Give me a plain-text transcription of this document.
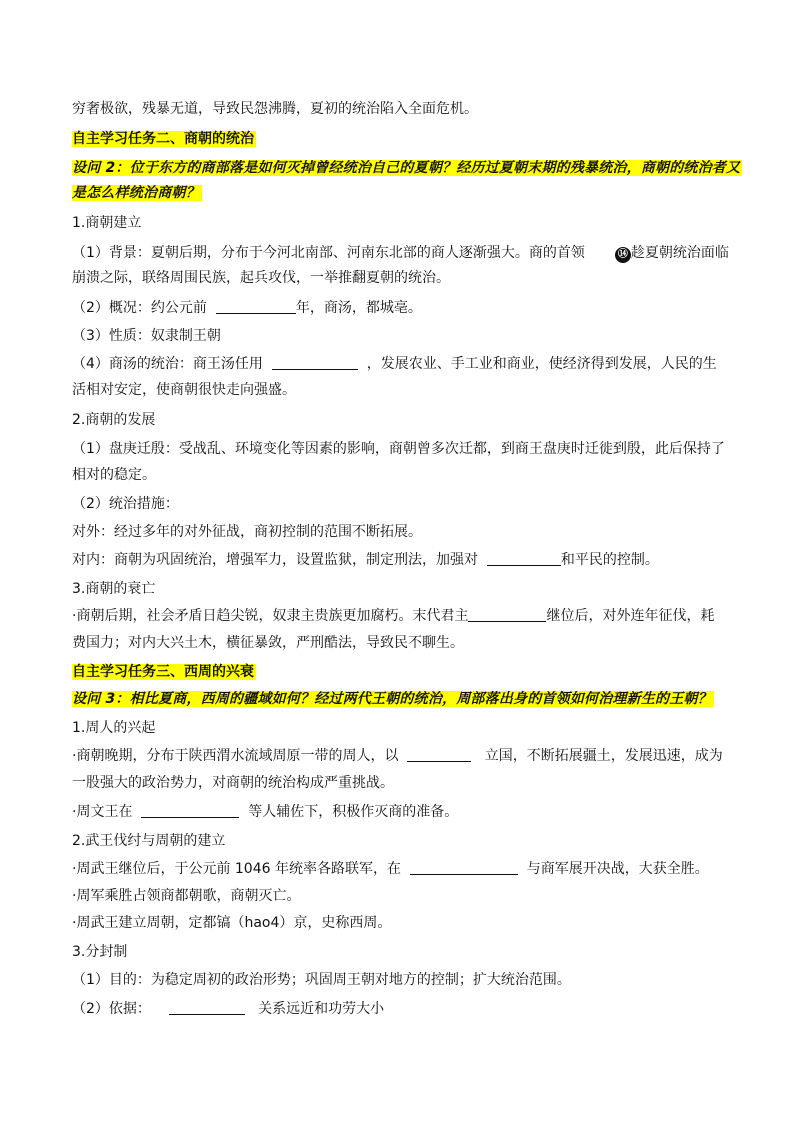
穷奢极欲，残暴无道，导致民怨沸腾，夏初的统治陷入全面危机。
自主学习任务二、商朝的统治
设问 2：位于东方的商部落是如何灭掉曾经统治自己的夏朝？经历过夏朝末期的残暴统治，商朝的统治者又
是怎么样统治商朝？
1.商朝建立
（1）背景：夏朝后期，分布于今河北南部、河南东北部的商人逐渐强大。商的首领	⑭ 趁夏朝统治面临
崩溃之际，联络周围民族，起兵攻伐，一举推翻夏朝的统治。
（2）概况：约公元前	年，商汤，都城亳。
（3）性质：奴隶制王朝
（4）商汤的统治：商王汤任用	，发展农业、手工业和商业，使经济得到发展，人民的生
活相对安定，使商朝很快走向强盛。
2.商朝的发展
（1）盘庚迁殷：受战乱、环境变化等因素的影响，商朝曾多次迁都，到商王盘庚时迁徙到殷，此后保持了
相对的稳定。
（2）统治措施：
对外：经过多年的对外征战，商初控制的范围不断拓展。
对内：商朝为巩固统治，增强军力，设置监狱，制定刑法，加强对	和平民的控制。
3.商朝的衰亡
·商朝后期，社会矛盾日趋尖锐，奴隶主贵族更加腐朽。末代君主	继位后，对外连年征伐，耗
费国力；对内大兴土木，横征暴敛，严刑酷法，导致民不聊生。
自主学习任务三、西周的兴衰
设问 3：相比夏商，西周的疆域如何？经过两代王朝的统治，周部落出身的首领如何治理新生的王朝？
1.周人的兴起
·商朝晚期，分布于陕西渭水流域周原一带的周人，以	立国，不断拓展疆土，发展迅速，成为
一股强大的政治势力，对商朝的统治构成严重挑战。
·周文王在	等人辅佐下，积极作灭商的准备。
2.武王伐纣与周朝的建立
·周武王继位后，于公元前 1046 年统率各路联军，在	与商军展开决战，大获全胜。
·周军乘胜占领商都朝歌，商朝灭亡。
·周武王建立周朝，定都镐（hao4）京，史称西周。
3.分封制
（1）目的：为稳定周初的政治形势；巩固周王朝对地方的控制；扩大统治范围。
（2）依据：	关系远近和功劳大小
